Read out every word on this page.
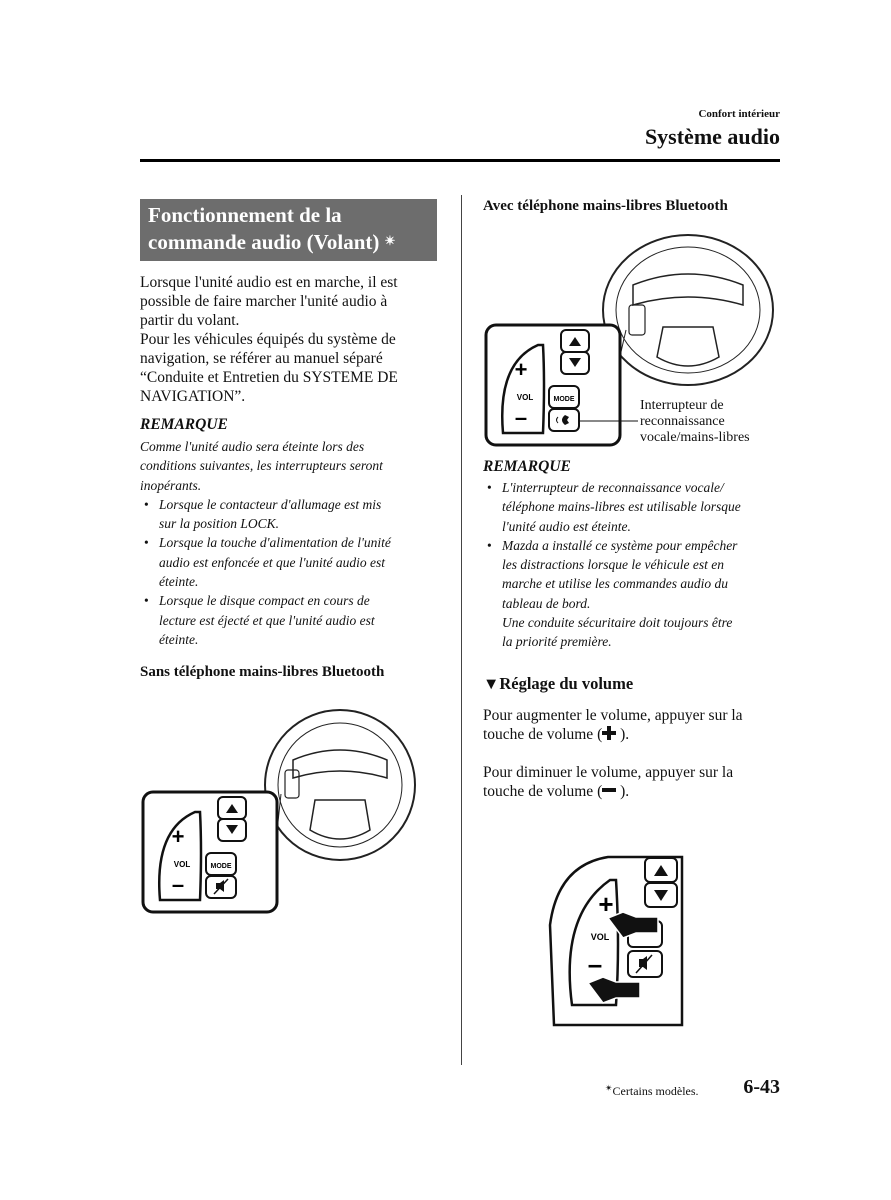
Confort intérieur
Système audio
Fonctionnement de la
commande audio (Volant) ✴
Lorsque l'unité audio est en marche, il est
possible de faire marcher l'unité audio à
partir du volant.
Pour les véhicules équipés du système de
navigation, se référer au manuel séparé
“Conduite et Entretien du SYSTEME DE
NAVIGATION”.
REMARQUE
Comme l'unité audio sera éteinte lors des
conditions suivantes, les interrupteurs seront
inopérants.
• Lorsque le contacteur d'allumage est mis
sur la position LOCK.
• Lorsque la touche d'alimentation de l'unité
audio est enfoncée et que l'unité audio est
éteinte.
• Lorsque le disque compact en cours de
lecture est éjecté et que l'unité audio est
éteinte.
Sans téléphone mains-libres Bluetooth
+
VOL
–
MODE
Avec téléphone mains-libres Bluetooth
+
VOL
–
MODE	Interrupteur de
reconnaissance
vocale/mains-libres
REMARQUE
• L'interrupteur de reconnaissance vocale/
téléphone mains-libres est utilisable lorsque
l'unité audio est éteinte.
• Mazda a installé ce système pour empêcher
les distractions lorsque le véhicule est en
marche et utilise les commandes audio du
tableau de bord.
Une conduite sécuritaire doit toujours être
la priorité première.
▼Réglage du volume
Pour augmenter le volume, appuyer sur la
touche de volume ( ).
Pour diminuer le volume, appuyer sur la
touche de volume ( ).
+
VOL
–
✴Certains modèles. 6-43
